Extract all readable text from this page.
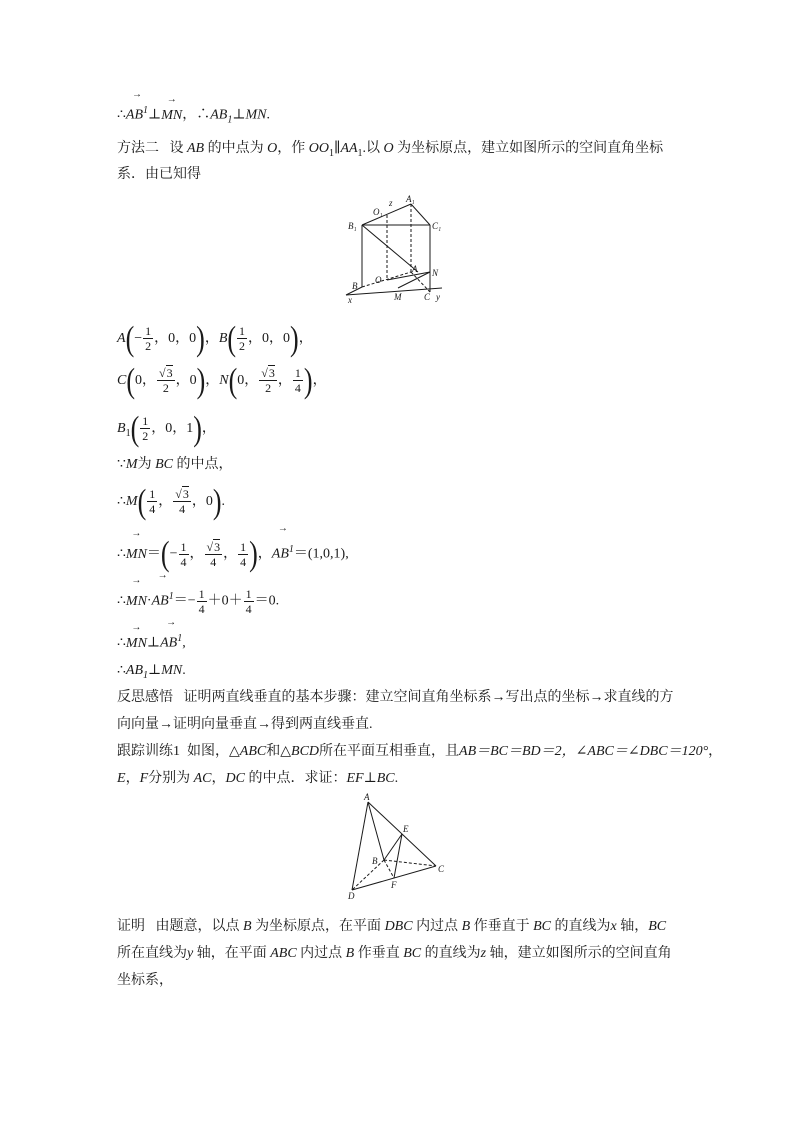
∴→ $AB^1\perp\to$ MN，$\therefore AB_1\perp MN$.
方法二 设 AB 的中点为 O，作 $OO_1\parallel AA_1$.以 O 为坐标原点，建立如图所示的空间直角坐标
系．由已知得
B₁
O₁
z A₁
C₁
B
O
A N
x	M	C y
$A(- \frac{1}{2}$ ，0，0)，$B( \frac{1}{2}$ ，0，0)，
C(0， $\frac{√3}{2}$ ，0)，N(0， $\frac{√3}{2}$ ， $\frac{1}{4}$ )，
$B_1( \frac{1}{2}$ ，0，1)，
∵M为 BC 的中点，
∴M( $\frac{1}{4}$ ， $\frac{√3}{4}$ ，0).
∴→ $MN=(- \frac{1}{4}$ ， $\frac{√3}{4}$ ， $\frac{1}{4}$ )，→ $AB^1=(1,0,1)$,
∴→ $MN\cdot\to AB^1=- \frac{1}{4} +0+ \frac{1}{4} =0$.
∴→ MN⊥→ $AB^1$,
$\therefore AB_1\perp MN$.
反思感悟 证明两直线垂直的基本步骤：建立空间直角坐标系→写出点的坐标→求直线的方
向向量→证明向量垂直→得到两直线垂直.
跟踪训练1 如图，△ABC和△BCD所在平面互相垂直，且AB＝BC＝BD＝2，∠ABC＝∠DBC＝120°，
E，F分别为 AC，DC 的中点．求证：EF⊥BC.
A
E
B
C
F
D
证明 由题意，以点 B 为坐标原点，在平面 DBC 内过点 B 作垂直于 BC 的直线为x 轴，BC
所在直线为y 轴，在平面 ABC 内过点 B 作垂直 BC 的直线为z 轴，建立如图所示的空间直角
坐标系，
